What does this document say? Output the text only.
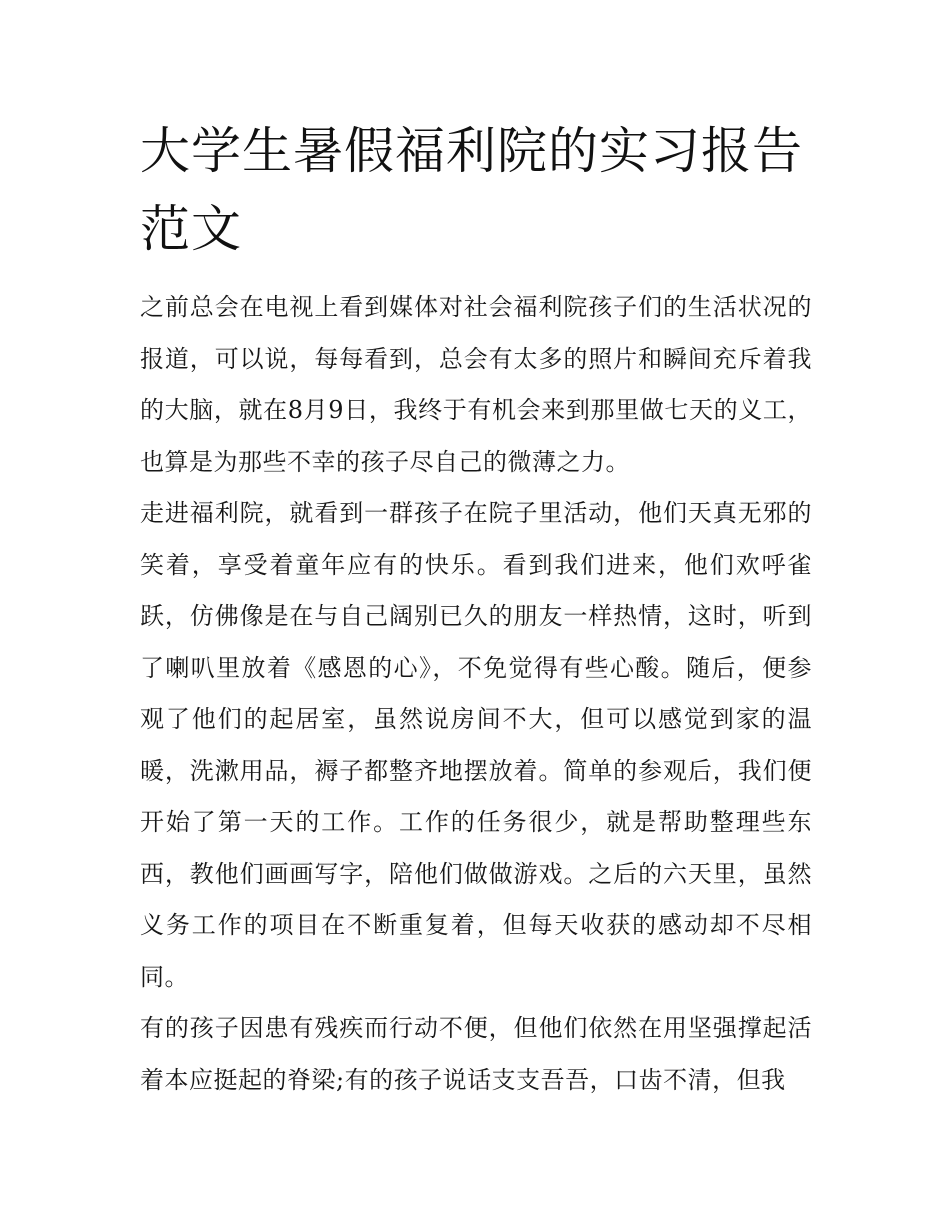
大学生暑假福利院的实习报告范文

之前总会在电视上看到媒体对社会福利院孩子们的生活状况的报道，可以说，每每看到，总会有太多的照片和瞬间充斥着我的大脑，就在8月9日，我终于有机会来到那里做七天的义工，也算是为那些不幸的孩子尽自己的微薄之力。

走进福利院，就看到一群孩子在院子里活动，他们天真无邪的笑着，享受着童年应有的快乐。看到我们进来，他们欢呼雀跃，仿佛像是在与自己阔别已久的朋友一样热情，这时，听到了喇叭里放着《感恩的心》，不免觉得有些心酸。随后，便参观了他们的起居室，虽然说房间不大，但可以感觉到家的温暖，洗漱用品，褥子都整齐地摆放着。简单的参观后，我们便开始了第一天的工作。工作的任务很少，就是帮助整理些东西，教他们画画写字，陪他们做做游戏。之后的六天里，虽然义务工作的项目在不断重复着，但每天收获的感动却不尽相同。

有的孩子因患有残疾而行动不便，但他们依然在用坚强撑起活着本应挺起的脊梁;有的孩子说话支支吾吾，口齿不清，但我
